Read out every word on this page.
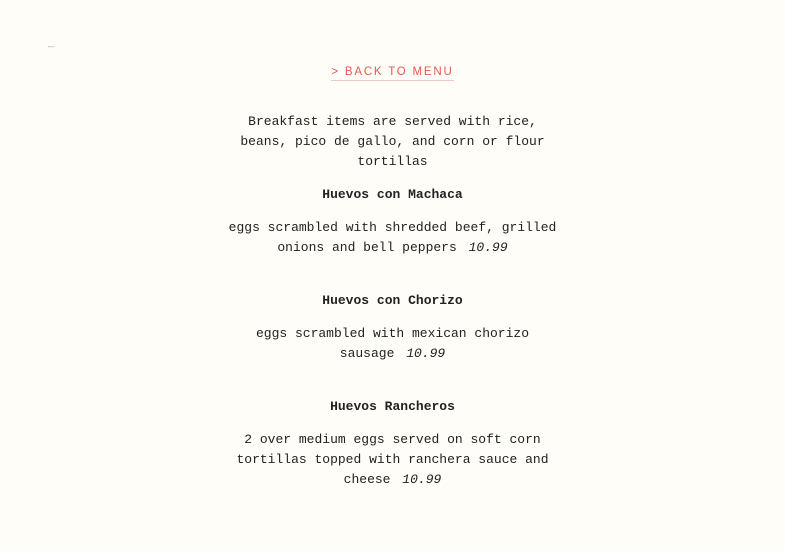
_
> BACK TO MENU

Breakfast items are served with rice, beans, pico de gallo, and corn or flour tortillas

Huevos con Machaca

eggs scrambled with shredded beef, grilled onions and bell peppers 10.99

Huevos con Chorizo

eggs scrambled with mexican chorizo sausage 10.99

Huevos Rancheros

2 over medium eggs served on soft corn tortillas topped with ranchera sauce and cheese 10.99
